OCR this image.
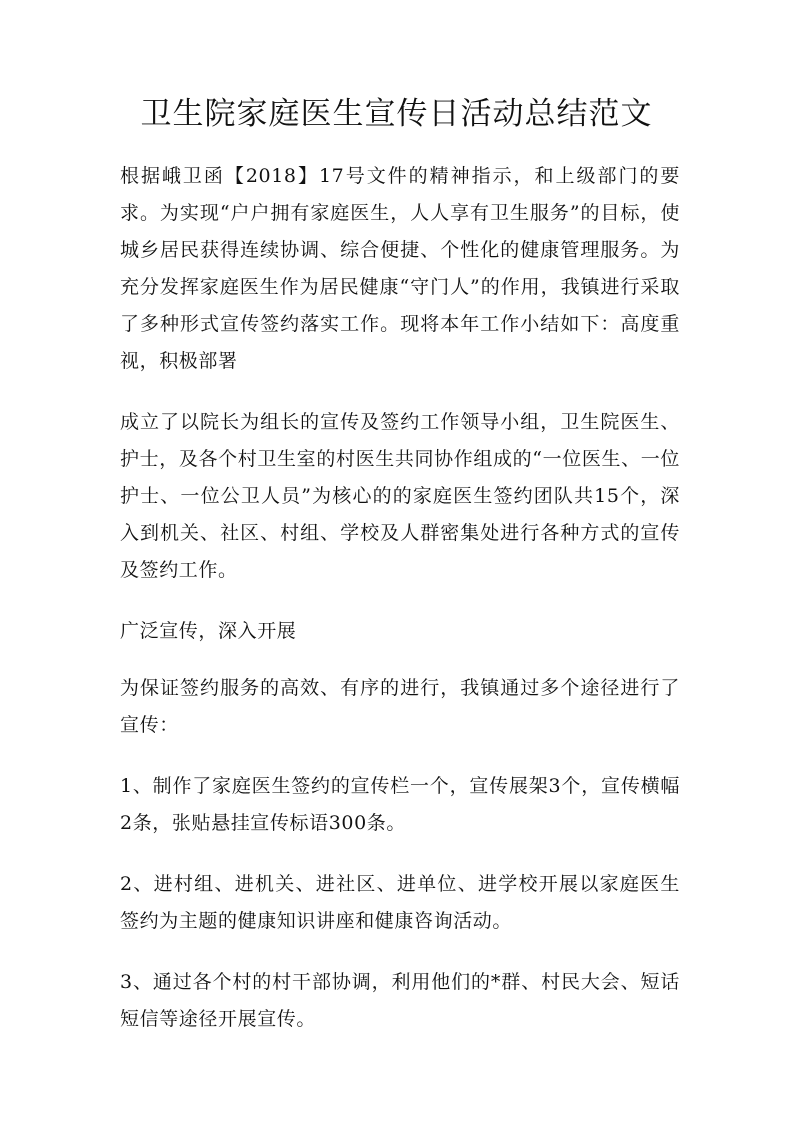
卫生院家庭医生宣传日活动总结范文

根据峨卫函【2018】17号文件的精神指示，和上级部门的要求。为实现“户户拥有家庭医生，人人享有卫生服务”的目标，使城乡居民获得连续协调、综合便捷、个性化的健康管理服务。为充分发挥家庭医生作为居民健康“守门人”的作用，我镇进行采取了多种形式宣传签约落实工作。现将本年工作小结如下：高度重视，积极部署

成立了以院长为组长的宣传及签约工作领导小组，卫生院医生、护士，及各个村卫生室的村医生共同协作组成的“一位医生、一位护士、一位公卫人员”为核心的的家庭医生签约团队共15个，深入到机关、社区、村组、学校及人群密集处进行各种方式的宣传及签约工作。

广泛宣传，深入开展

为保证签约服务的高效、有序的进行，我镇通过多个途径进行了宣传：

1、制作了家庭医生签约的宣传栏一个，宣传展架3个，宣传横幅2条，张贴悬挂宣传标语300条。

2、进村组、进机关、进社区、进单位、进学校开展以家庭医生签约为主题的健康知识讲座和健康咨询活动。

3、通过各个村的村干部协调，利用他们的*群、村民大会、短话短信等途径开展宣传。
